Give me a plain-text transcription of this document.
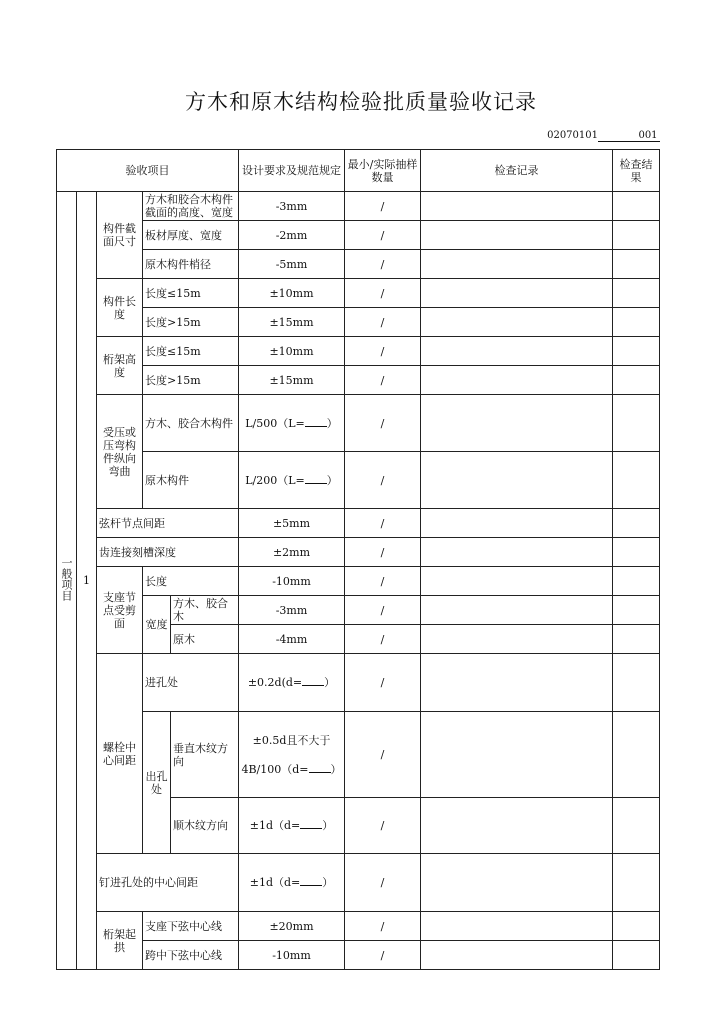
方木和原木结构检验批质量验收记录
02070101	001
验收项目					设计要求及规范规定	最小/实际抽样数量	检查记录	检查结果
一般项目	1	构件截面尺寸	方木和胶合木构件截面的高度、宽度		-3mm	/		
			板材厚度、宽度		-2mm	/		
			原木构件梢径		-5mm	/		
		构件长度	长度≤15m		±10mm	/		
			长度>15m		±15mm	/		
		桁架高度	长度≤15m		±10mm	/		
			长度>15m		±15mm	/		
		受压或压弯构件纵向弯曲	方木、胶合木构件		L/500（L= ）	/		
			原木构件		L/200（L= ）	/		
		弦杆节点间距			±5mm	/		
		齿连接刻槽深度			±2mm	/		
		支座节点受剪面	长度		-10mm	/		
			宽度	方木、胶合木	-3mm	/		
				原木	-4mm	/		
		螺栓中心间距	进孔处		±0.2d(d= ）	/		
			出孔处	垂直木纹方向	±0.5d且不大于
4B/100（d= ）	/		
				顺木纹方向	±1d（d= ）	/		
		钉进孔处的中心间距			±1d（d= ）	/		
		桁架起拱	支座下弦中心线		±20mm	/		
			跨中下弦中心线		-10mm	/		
